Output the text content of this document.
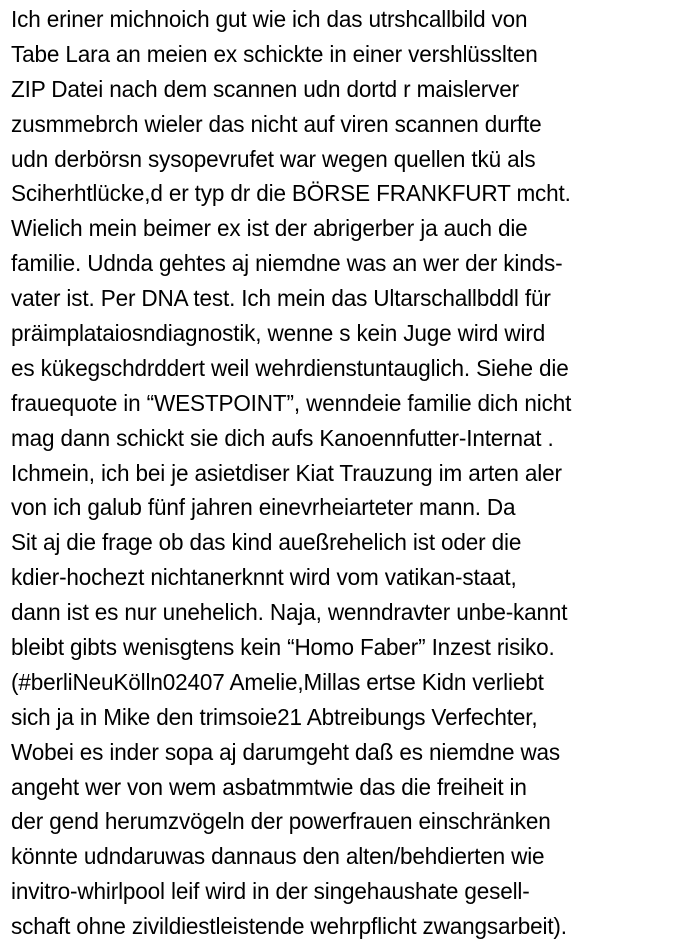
Ich eriner michnoich gut wie ich das utrshcallbild von
Tabe Lara an meien ex schickte in einer vershlüsslten
ZIP Datei nach dem scannen udn dortd r maislerver
zusmmebrch wieler das nicht auf viren scannen durfte
udn derbörsn sysopevrufet war wegen quellen tkü als
Sciherhtlücke,d er typ dr die BÖRSE FRANKFURT mcht.
Wielich mein beimer ex ist der abrigerber ja auch die
familie. Udnda gehtes aj niemdne was an wer der kinds-
vater ist. Per DNA test. Ich mein das Ultarschallbddl für
präimplataiosndiagnostik, wenne s kein Juge wird wird
es kükegschdrddert weil wehrdienstuntauglich. Siehe die
frauequote in “WESTPOINT”, wenndeie familie dich nicht
mag dann schickt sie dich aufs Kanoennfutter-Internat .
Ichmein, ich bei je asietdiser Kiat Trauzung im arten aler
von ich galub fünf jahren einevrheiarteter mann. Da
Sit aj die frage ob das kind aueßrehelich ist oder die
kdier-hochezt nichtanerknnt wird vom vatikan-staat,
dann ist es nur unehelich. Naja, wenndravter unbe-kannt
bleibt gibts wenisgtens kein “Homo Faber” Inzest risiko.
(#berliNeuKölln02407 Amelie,Millas ertse Kidn verliebt
sich ja in Mike den trimsoie21 Abtreibungs Verfechter,
Wobei es inder sopa aj darumgeht daß es niemdne was
angeht wer von wem asbatmmtwie das die freiheit in
der gend herumzvögeln der powerfrauen einschränken
könnte udndaruwas dannaus den alten/behdierten wie
invitro-whirlpool leif wird in der singehaushate gesell-
schaft ohne zivildiestleistende wehrpflicht zwangsarbeit).
